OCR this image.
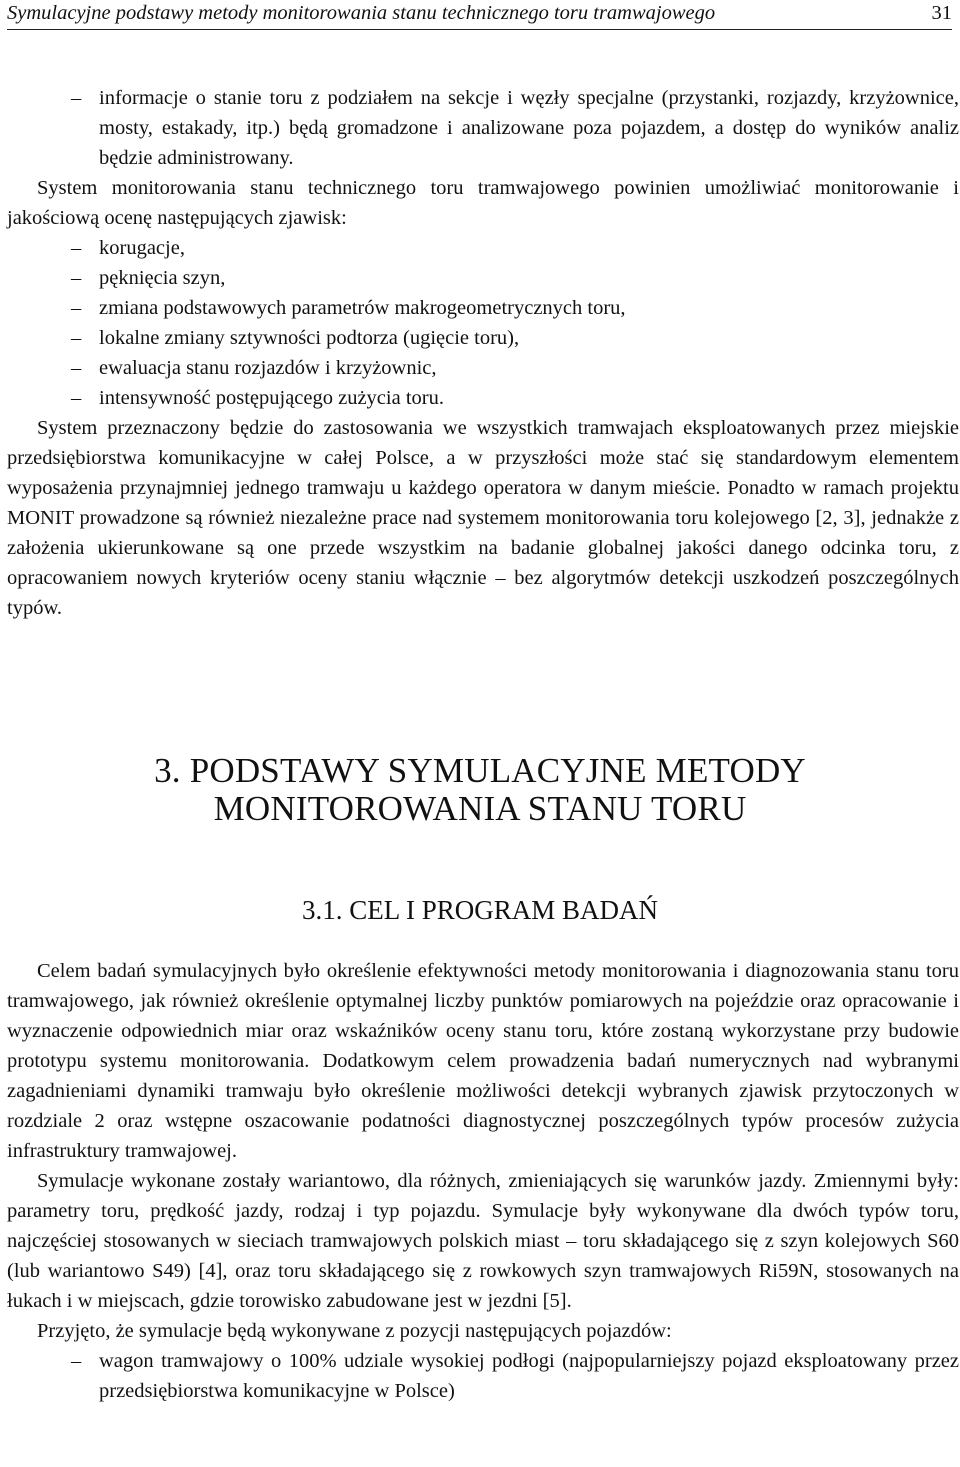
Symulacyjne podstawy metody monitorowania stanu technicznego toru tramwajowego	31
– informacje o stanie toru z podziałem na sekcje i węzły specjalne (przystanki, rozjazdy, krzyżownice, mosty, estakady, itp.) będą gromadzone i analizowane poza pojazdem, a dostęp do wyników analiz będzie administrowany.

System monitorowania stanu technicznego toru tramwajowego powinien umożliwiać monitorowanie i jakościową ocenę następujących zjawisk:

– korugacje,
– pęknięcia szyn,
– zmiana podstawowych parametrów makrogeometrycznych toru,
– lokalne zmiany sztywności podtorza (ugięcie toru),
– ewaluacja stanu rozjazdów i krzyżownic,
– intensywność postępującego zużycia toru.

System przeznaczony będzie do zastosowania we wszystkich tramwajach eksploatowanych przez miejskie przedsiębiorstwa komunikacyjne w całej Polsce, a w przyszłości może stać się standardowym elementem wyposażenia przynajmniej jednego tramwaju u każdego operatora w danym mieście. Ponadto w ramach projektu MONIT prowadzone są również niezależne prace nad systemem monitorowania toru kolejowego [2, 3], jednakże z założenia ukierunkowane są one przede wszystkim na badanie globalnej jakości danego odcinka toru, z opracowaniem nowych kryteriów oceny staniu włącznie – bez algorytmów detekcji uszkodzeń poszczególnych typów.

3. PODSTAWY SYMULACYJNE METODY
MONITOROWANIA STANU TORU
3.1. CEL I PROGRAM BADAŃ

Celem badań symulacyjnych było określenie efektywności metody monitorowania i diagnozowania stanu toru tramwajowego, jak również określenie optymalnej liczby punktów pomiarowych na pojeździe oraz opracowanie i wyznaczenie odpowiednich miar oraz wskaźników oceny stanu toru, które zostaną wykorzystane przy budowie prototypu systemu monitorowania. Dodatkowym celem prowadzenia badań numerycznych nad wybranymi zagadnieniami dynamiki tramwaju było określenie możliwości detekcji wybranych zjawisk przytoczonych w rozdziale 2 oraz wstępne oszacowanie podatności diagnostycznej poszczególnych typów procesów zużycia infrastruktury tramwajowej.

Symulacje wykonane zostały wariantowo, dla różnych, zmieniających się warunków jazdy. Zmiennymi były: parametry toru, prędkość jazdy, rodzaj i typ pojazdu. Symulacje były wykonywane dla dwóch typów toru, najczęściej stosowanych w sieciach tramwajowych polskich miast – toru składającego się z szyn kolejowych S60 (lub wariantowo S49) [4], oraz toru składającego się z rowkowych szyn tramwajowych Ri59N, stosowanych na łukach i w miejscach, gdzie torowisko zabudowane jest w jezdni [5].

Przyjęto, że symulacje będą wykonywane z pozycji następujących pojazdów:

– wagon tramwajowy o 100% udziale wysokiej podłogi (najpopularniejszy pojazd eksploatowany przez przedsiębiorstwa komunikacyjne w Polsce)
